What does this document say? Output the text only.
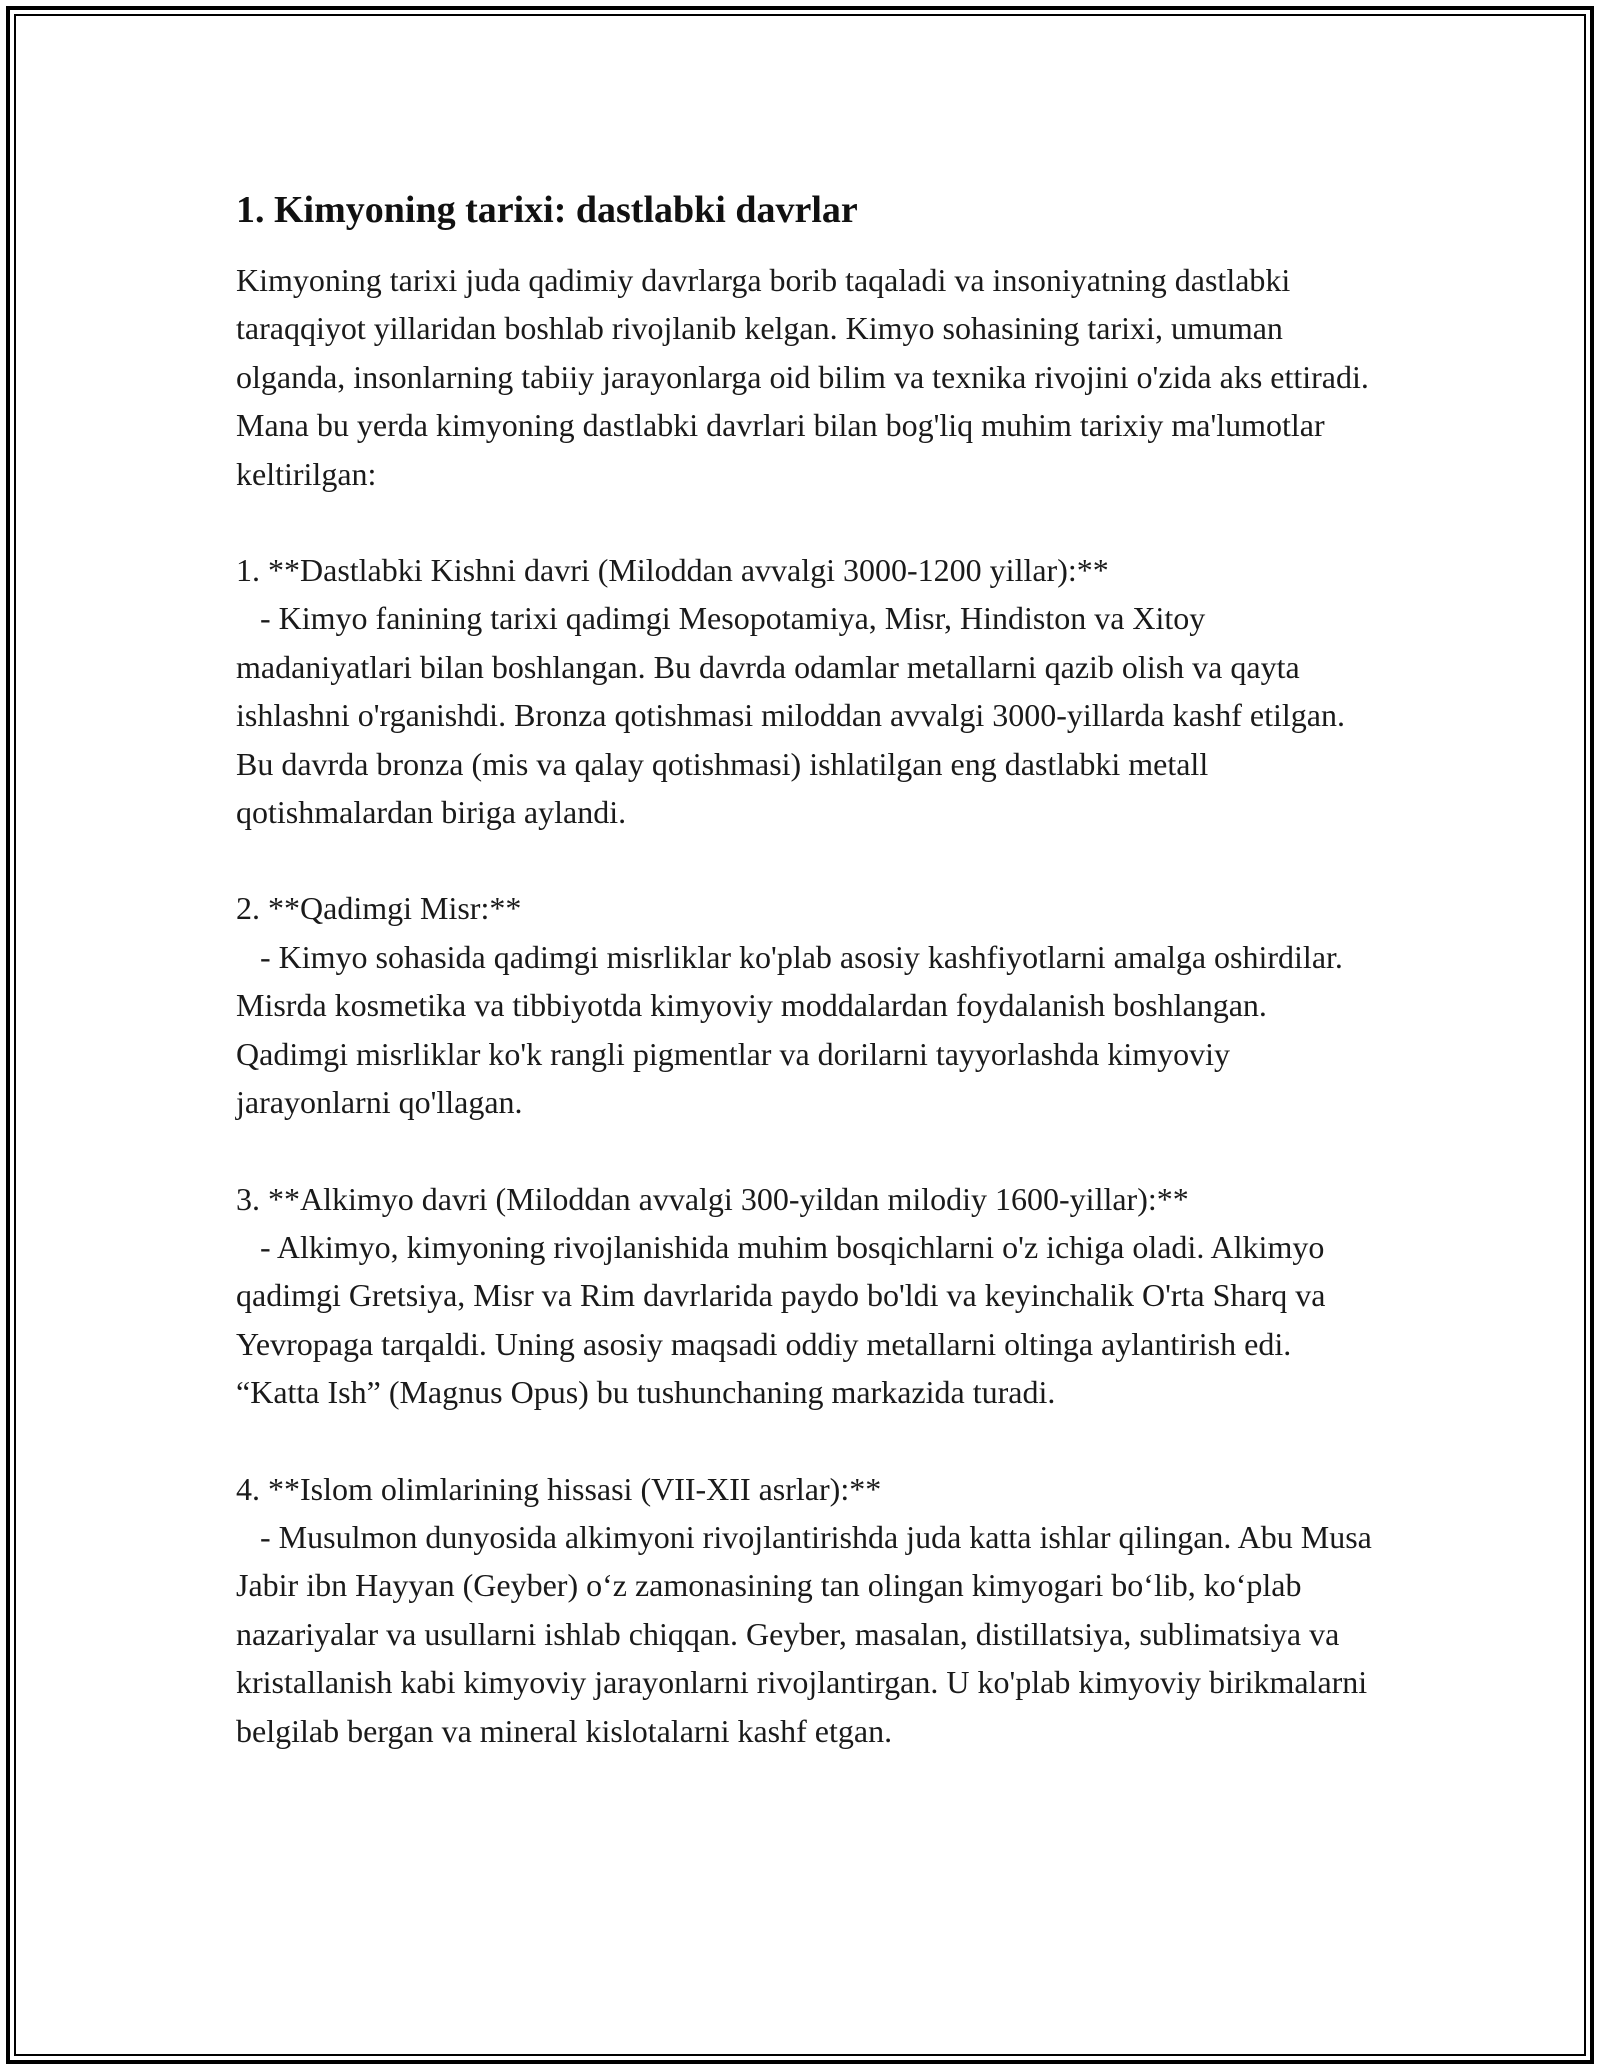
1. Kimyoning tarixi: dastlabki davrlar

Kimyoning tarixi juda qadimiy davrlarga borib taqaladi va insoniyatning dastlabki taraqqiyot yillaridan boshlab rivojlanib kelgan. Kimyo sohasining tarixi, umuman olganda, insonlarning tabiiy jarayonlarga oid bilim va texnika rivojini o'zida aks ettiradi. Mana bu yerda kimyoning dastlabki davrlari bilan bog'liq muhim tarixiy ma'lumotlar keltirilgan:

1. **Dastlabki Kishni davri (Miloddan avvalgi 3000-1200 yillar):**

- Kimyo fanining tarixi qadimgi Mesopotamiya, Misr, Hindiston va Xitoy madaniyatlari bilan boshlangan. Bu davrda odamlar metallarni qazib olish va qayta ishlashni o'rganishdi. Bronza qotishmasi miloddan avvalgi 3000-yillarda kashf etilgan. Bu davrda bronza (mis va qalay qotishmasi) ishlatilgan eng dastlabki metall qotishmalardan biriga aylandi.

2. **Qadimgi Misr:**

- Kimyo sohasida qadimgi misrliklar ko'plab asosiy kashfiyotlarni amalga oshirdilar. Misrda kosmetika va tibbiyotda kimyoviy moddalardan foydalanish boshlangan. Qadimgi misrliklar ko'k rangli pigmentlar va dorilarni tayyorlashda kimyoviy jarayonlarni qo'llagan.

3. **Alkimyo davri (Miloddan avvalgi 300-yildan milodiy 1600-yillar):**

- Alkimyo, kimyoning rivojlanishida muhim bosqichlarni o'z ichiga oladi. Alkimyo qadimgi Gretsiya, Misr va Rim davrlarida paydo bo'ldi va keyinchalik O'rta Sharq va Yevropaga tarqaldi. Uning asosiy maqsadi oddiy metallarni oltinga aylantirish edi. “Katta Ish” (Magnus Opus) bu tushunchaning markazida turadi.

4. **Islom olimlarining hissasi (VII-XII asrlar):**

- Musulmon dunyosida alkimyoni rivojlantirishda juda katta ishlar qilingan. Abu Musa Jabir ibn Hayyan (Geyber) o‘z zamonasining tan olingan kimyogari bo‘lib, ko‘plab nazariyalar va usullarni ishlab chiqqan. Geyber, masalan, distillatsiya, sublimatsiya va kristallanish kabi kimyoviy jarayonlarni rivojlantirgan. U ko'plab kimyoviy birikmalarni belgilab bergan va mineral kislotalarni kashf etgan.
